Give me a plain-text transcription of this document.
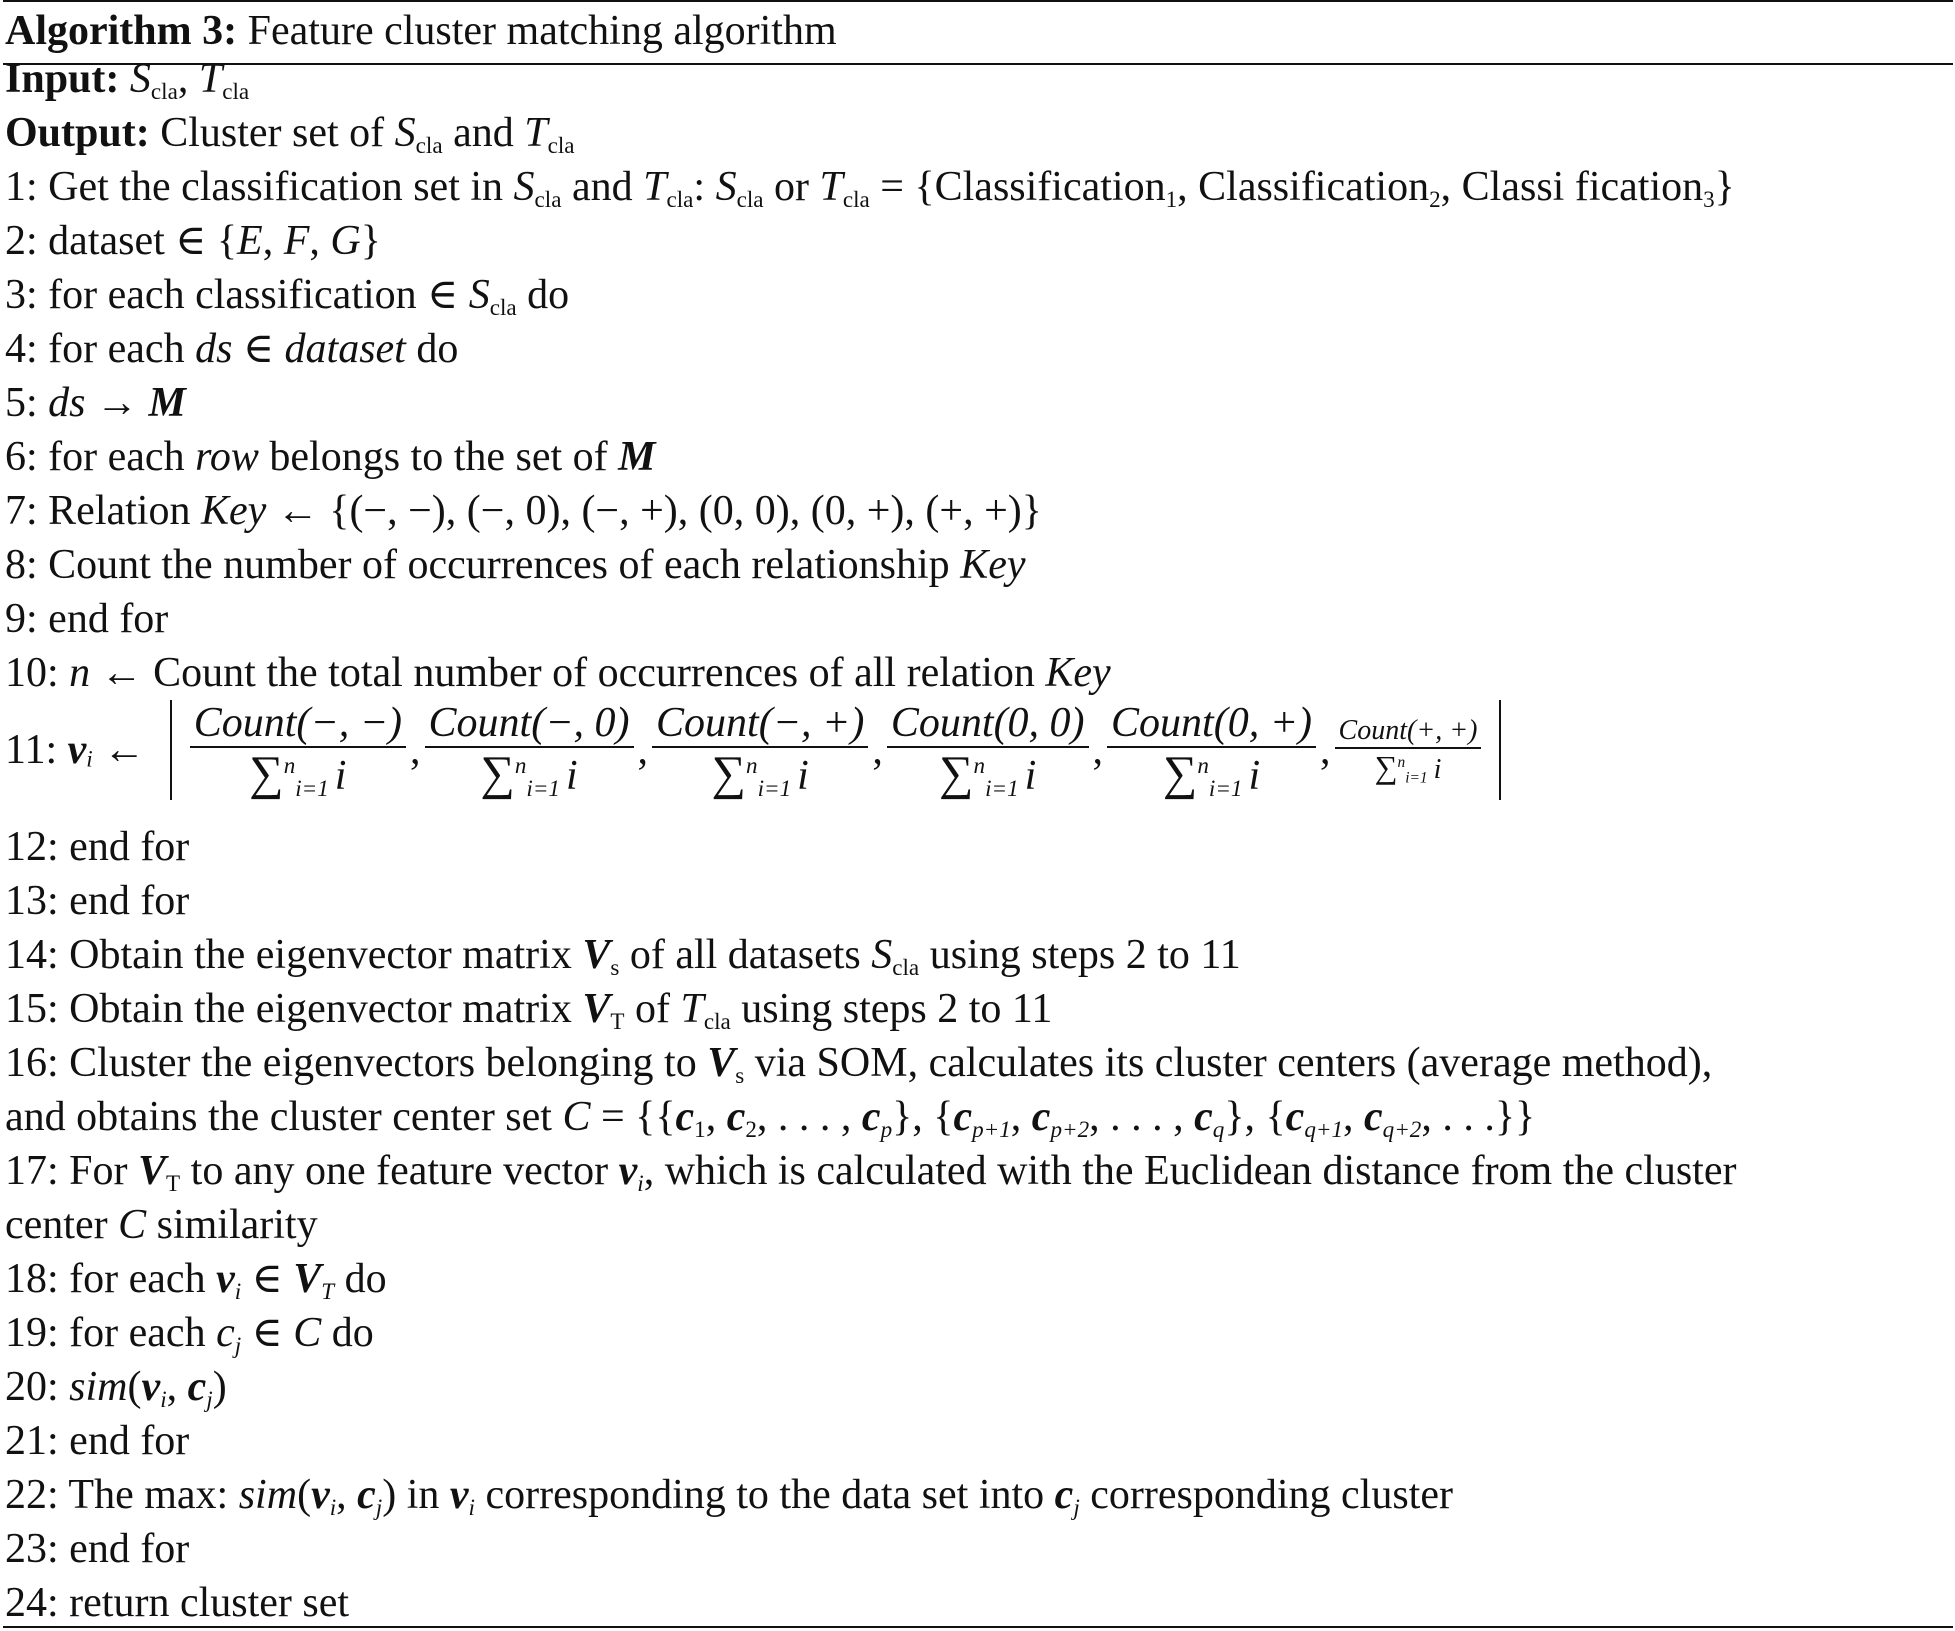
Algorithm 3: Feature cluster matching algorithm
Input: $S_{cla}$, $T_{cla}$
Output: Cluster set of $S_{cla}$ and $T_{cla}$
1: Get the classification set in $S_{cla}$ and $T_{cla}$: $S_{cla}$ or $T_{cla}$ = {Classification$_1$, Classification$_2$, Classi fication$_3$}
2: dataset ∈ {E, F, G}
3: for each classification ∈ $S_{cla}$ do
4: for each ds ∈ dataset do
5: ds → M
6: for each row belongs to the set of M
7: Relation Key ← {(−, −), (−, 0), (−, +), (0, 0), (0, +), (+, +)}
8: Count the number of occurrences of each relationship Key
9: end for
10: n ← Count the total number of occurrences of all relation Key
11: $v_i$ ← $\frac{\text{Count(−, −)}}{\sum^n_{i=1} i}$ , $\frac{\text{Count(−, 0)}}{\sum^n_{i=1} i}$ , $\frac{\text{Count(−, +)}}{\sum^n_{i=1} i}$ , $\frac{\text{Count(0, 0)}}{\sum^n_{i=1} i}$ , $\frac{\text{Count(0, +)}}{\sum^n_{i=1} i}$ , $\frac{\text{Count(+, +)}}{\sum^n_{i=1} i}$
12: end for
13: end for
14: Obtain the eigenvector matrix $V_s$ of all datasets $S_{cla}$ using steps 2 to 11
15: Obtain the eigenvector matrix $V_T$ of $T_{cla}$ using steps 2 to 11
16: Cluster the eigenvectors belonging to $V_s$ via SOM, calculates its cluster centers (average method),
and obtains the cluster center set $C = \{\{c_1$, $c_2$, . . . , $c_p$}, {$c_{p+1}$, $c_{p+2}$, . . . , $c_q$}, {$c_{q+1}$, $c_{q+2}$, . . .}}
17: For $V_T$ to any one feature vector $v_i$, which is calculated with the Euclidean distance from the cluster
center C similarity
18: for each $v_i$ ∈ $V_T$ do
19: for each $c_j$ ∈ C do
20: $sim(v_i$, $c_j$)
21: end for
22: The max: $sim(v_i$, $c_j$) in $v_i$ corresponding to the data set into $c_j$ corresponding cluster
23: end for
24: return cluster set
